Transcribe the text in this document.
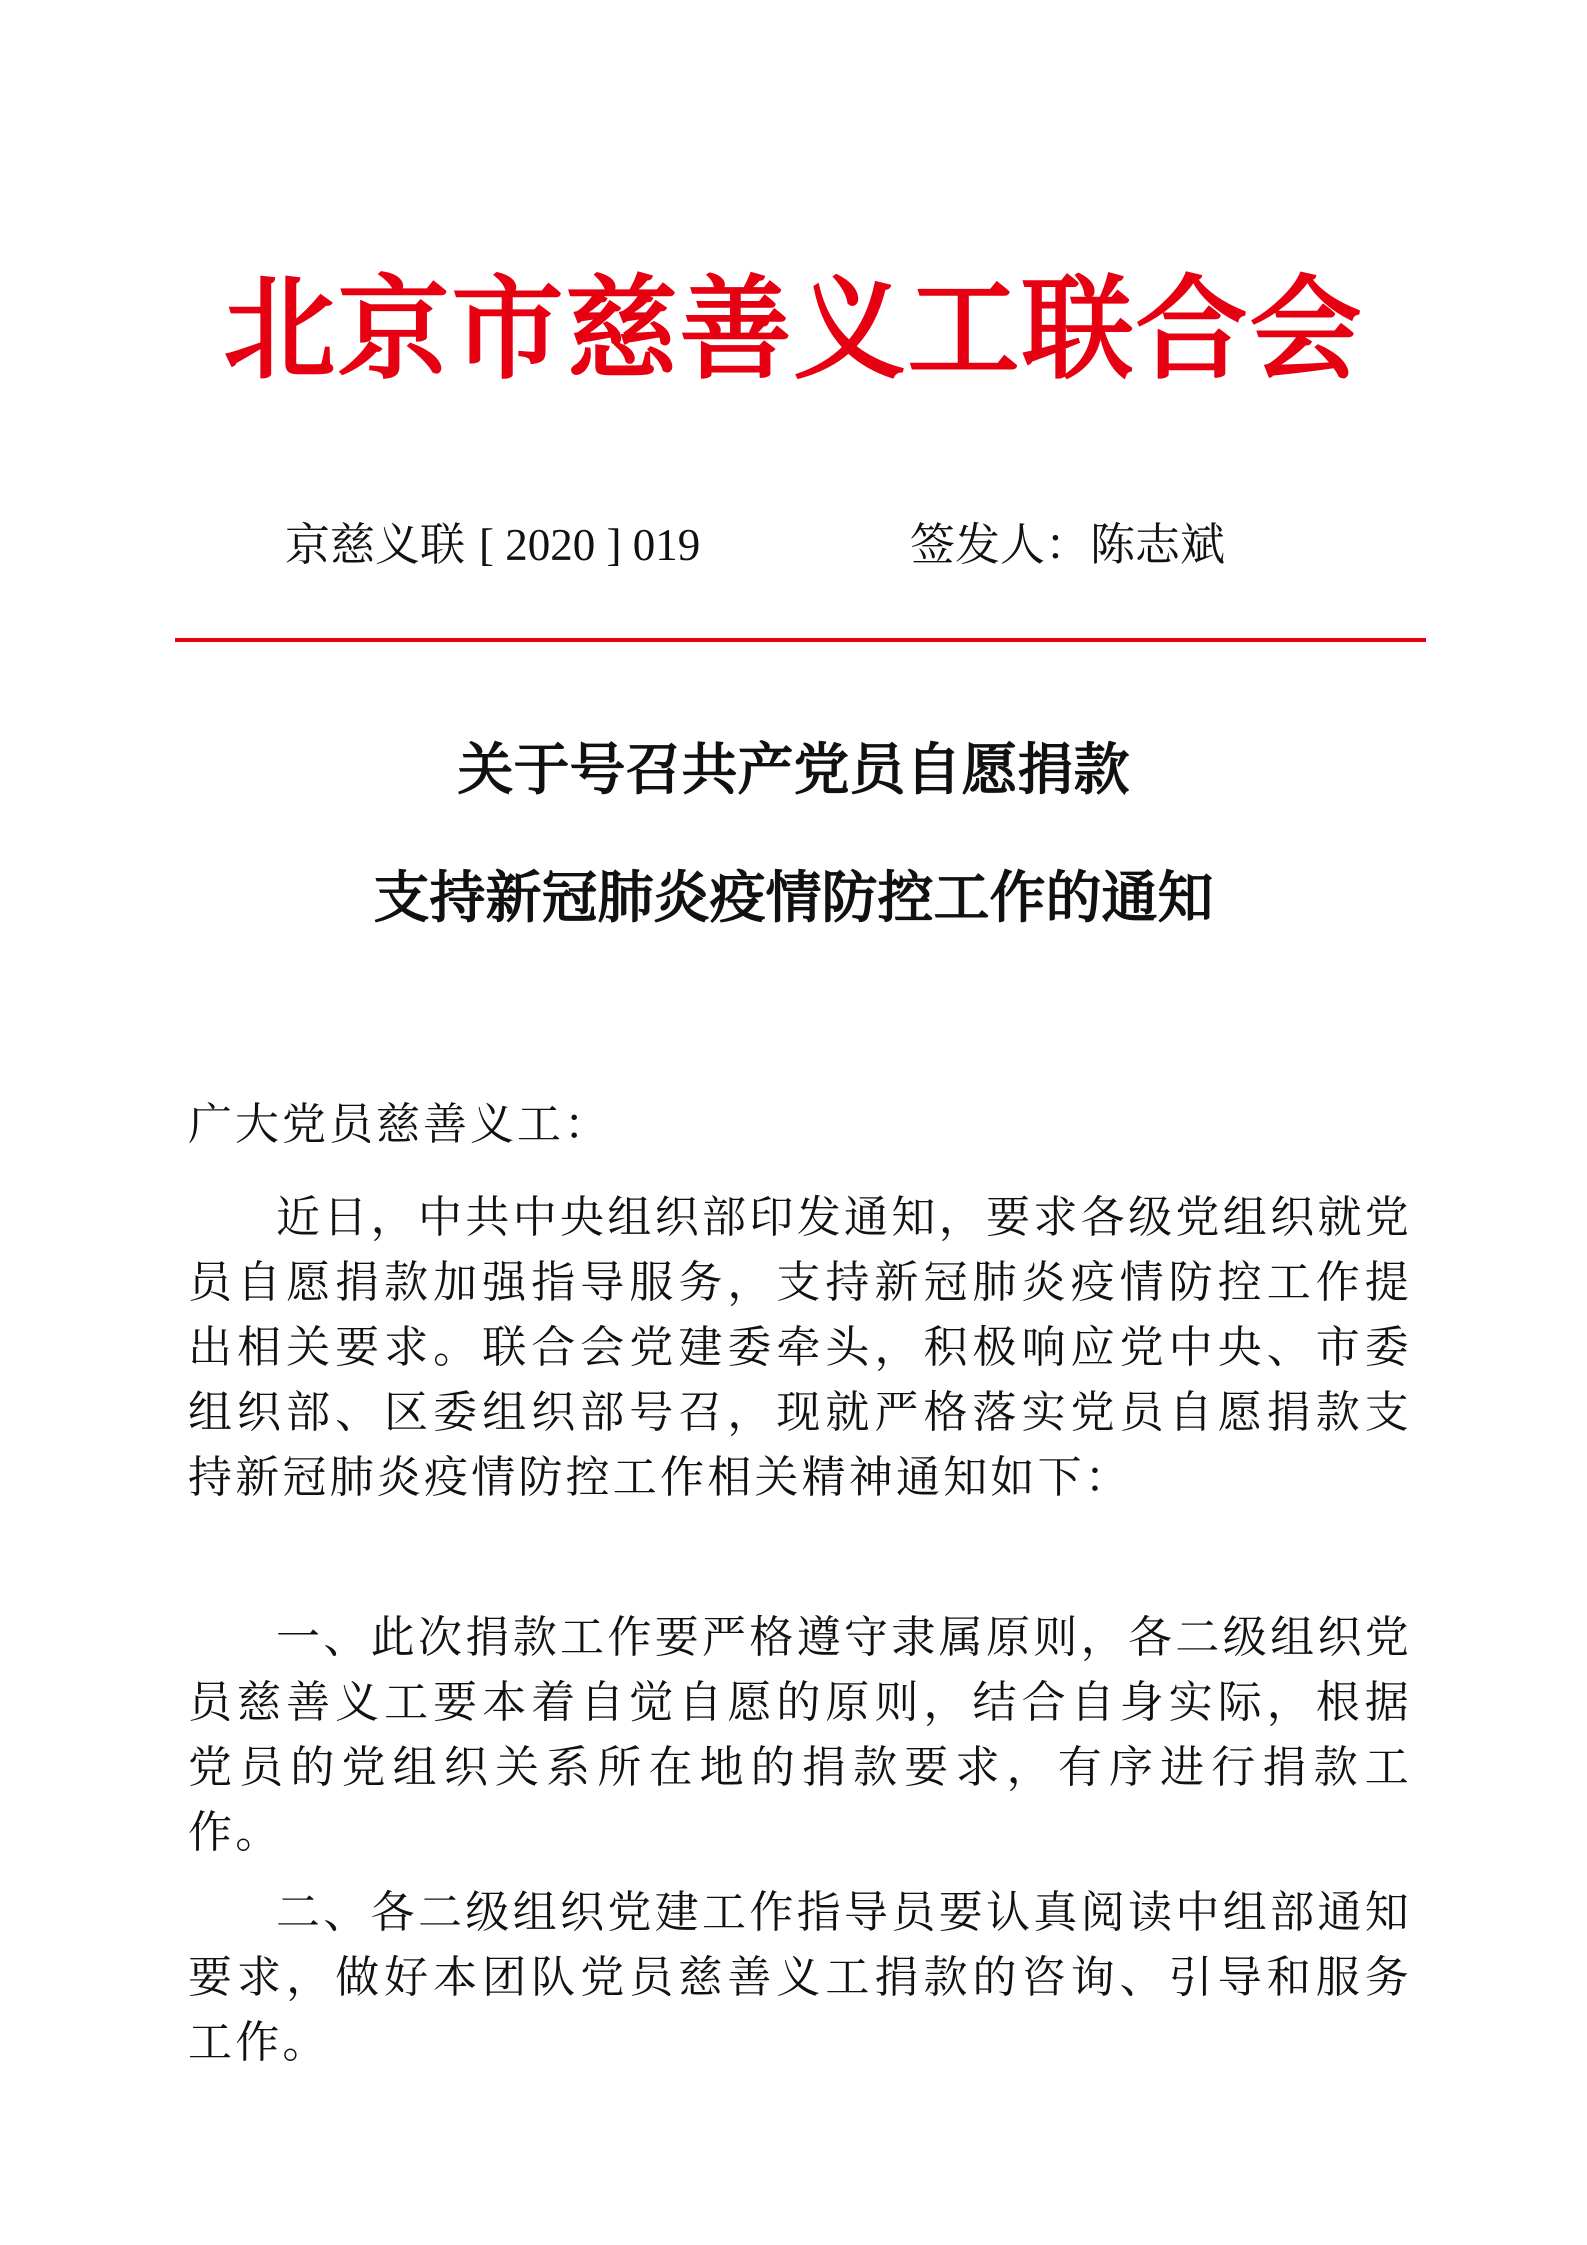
北京市慈善义工联合会
京慈义联 [ 2020 ] 019	签发人：陈志斌
关于号召共产党员自愿捐款
支持新冠肺炎疫情防控工作的通知
广大党员慈善义工：
近日，中共中央组织部印发通知，要求各级党组织就党员自愿捐款加强指导服务，支持新冠肺炎疫情防控工作提出相关要求。联合会党建委牵头，积极响应党中央、市委组织部、区委组织部号召，现就严格落实党员自愿捐款支持新冠肺炎疫情防控工作相关精神通知如下：
一、此次捐款工作要严格遵守隶属原则，各二级组织党员慈善义工要本着自觉自愿的原则，结合自身实际，根据党员的党组织关系所在地的捐款要求，有序进行捐款工作。
二、各二级组织党建工作指导员要认真阅读中组部通知要求，做好本团队党员慈善义工捐款的咨询、引导和服务工作。
